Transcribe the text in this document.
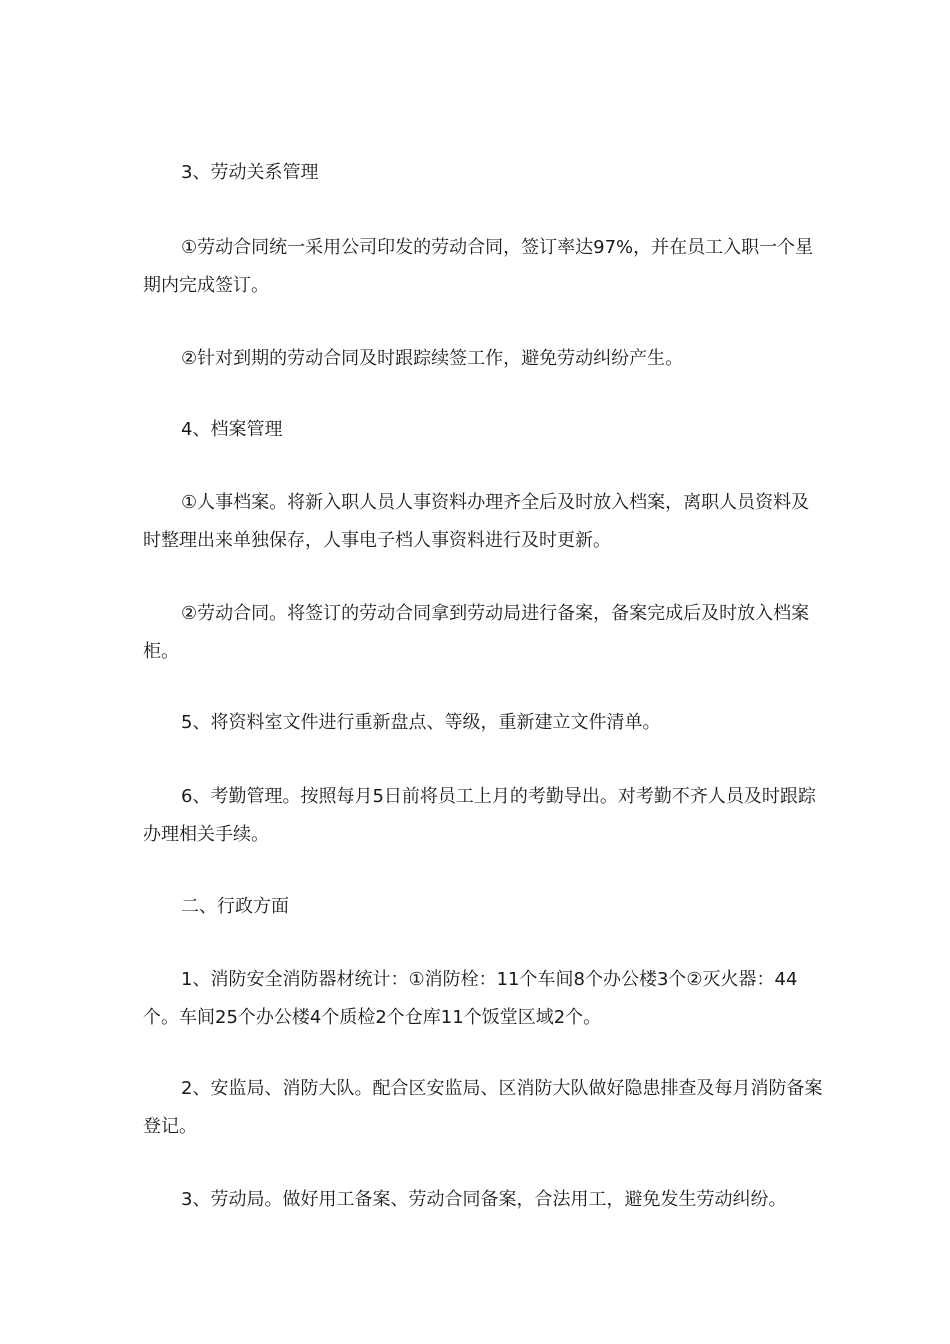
3、劳动关系管理

①劳动合同统一采用公司印发的劳动合同，签订率达97%，并在员工入职一个星期内完成签订。

②针对到期的劳动合同及时跟踪续签工作，避免劳动纠纷产生。

4、档案管理

①人事档案。将新入职人员人事资料办理齐全后及时放入档案，离职人员资料及时整理出来单独保存，人事电子档人事资料进行及时更新。

②劳动合同。将签订的劳动合同拿到劳动局进行备案，备案完成后及时放入档案柜。

5、将资料室文件进行重新盘点、等级，重新建立文件清单。

6、考勤管理。按照每月5日前将员工上月的考勤导出。对考勤不齐人员及时跟踪办理相关手续。

二、行政方面

1、消防安全消防器材统计：①消防栓：11个车间8个办公楼3个②灭火器：44个。车间25个办公楼4个质检2个仓库11个饭堂区域2个。

2、安监局、消防大队。配合区安监局、区消防大队做好隐患排查及每月消防备案登记。

3、劳动局。做好用工备案、劳动合同备案，合法用工，避免发生劳动纠纷。
